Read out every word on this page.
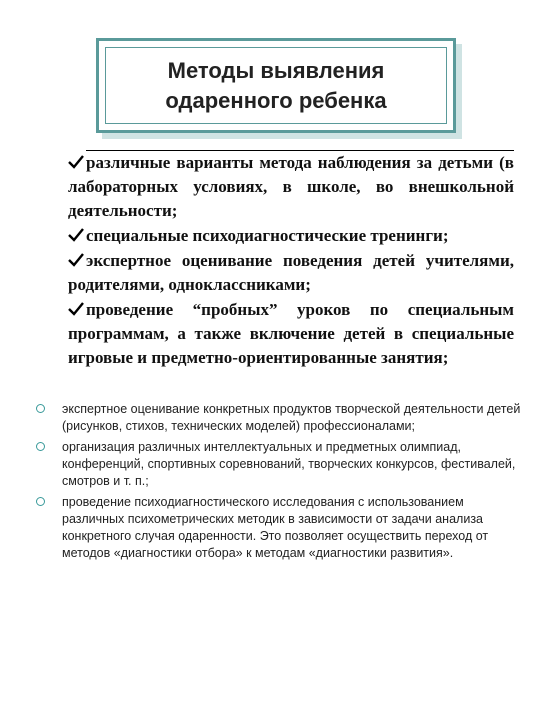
Методы выявления
одаренного ребенка
различные варианты метода наблюдения за детьми (в лабораторных условиях, в школе, во внешкольной деятельности;
специальные психодиагностические тренинги;
экспертное оценивание поведения детей учителями, родителями, одноклассниками;
проведение “пробных” уроков по специальным программам, а также включение детей в специальные игровые и предметно-ориентированные занятия;
экспертное оценивание конкретных продуктов творческой деятельности детей (рисунков, стихов, технических моделей) профессионалами;
организация различных интеллектуальных и предметных олимпиад, конференций, спортивных соревнований, творческих конкурсов, фестивалей, смотров и т. п.;
проведение психодиагностического исследования с использованием различных психометрических методик в зависимости от задачи анализа конкретного случая одаренности. Это позволяет осуществить переход от методов «диагностики отбора» к методам «диагностики развития».
